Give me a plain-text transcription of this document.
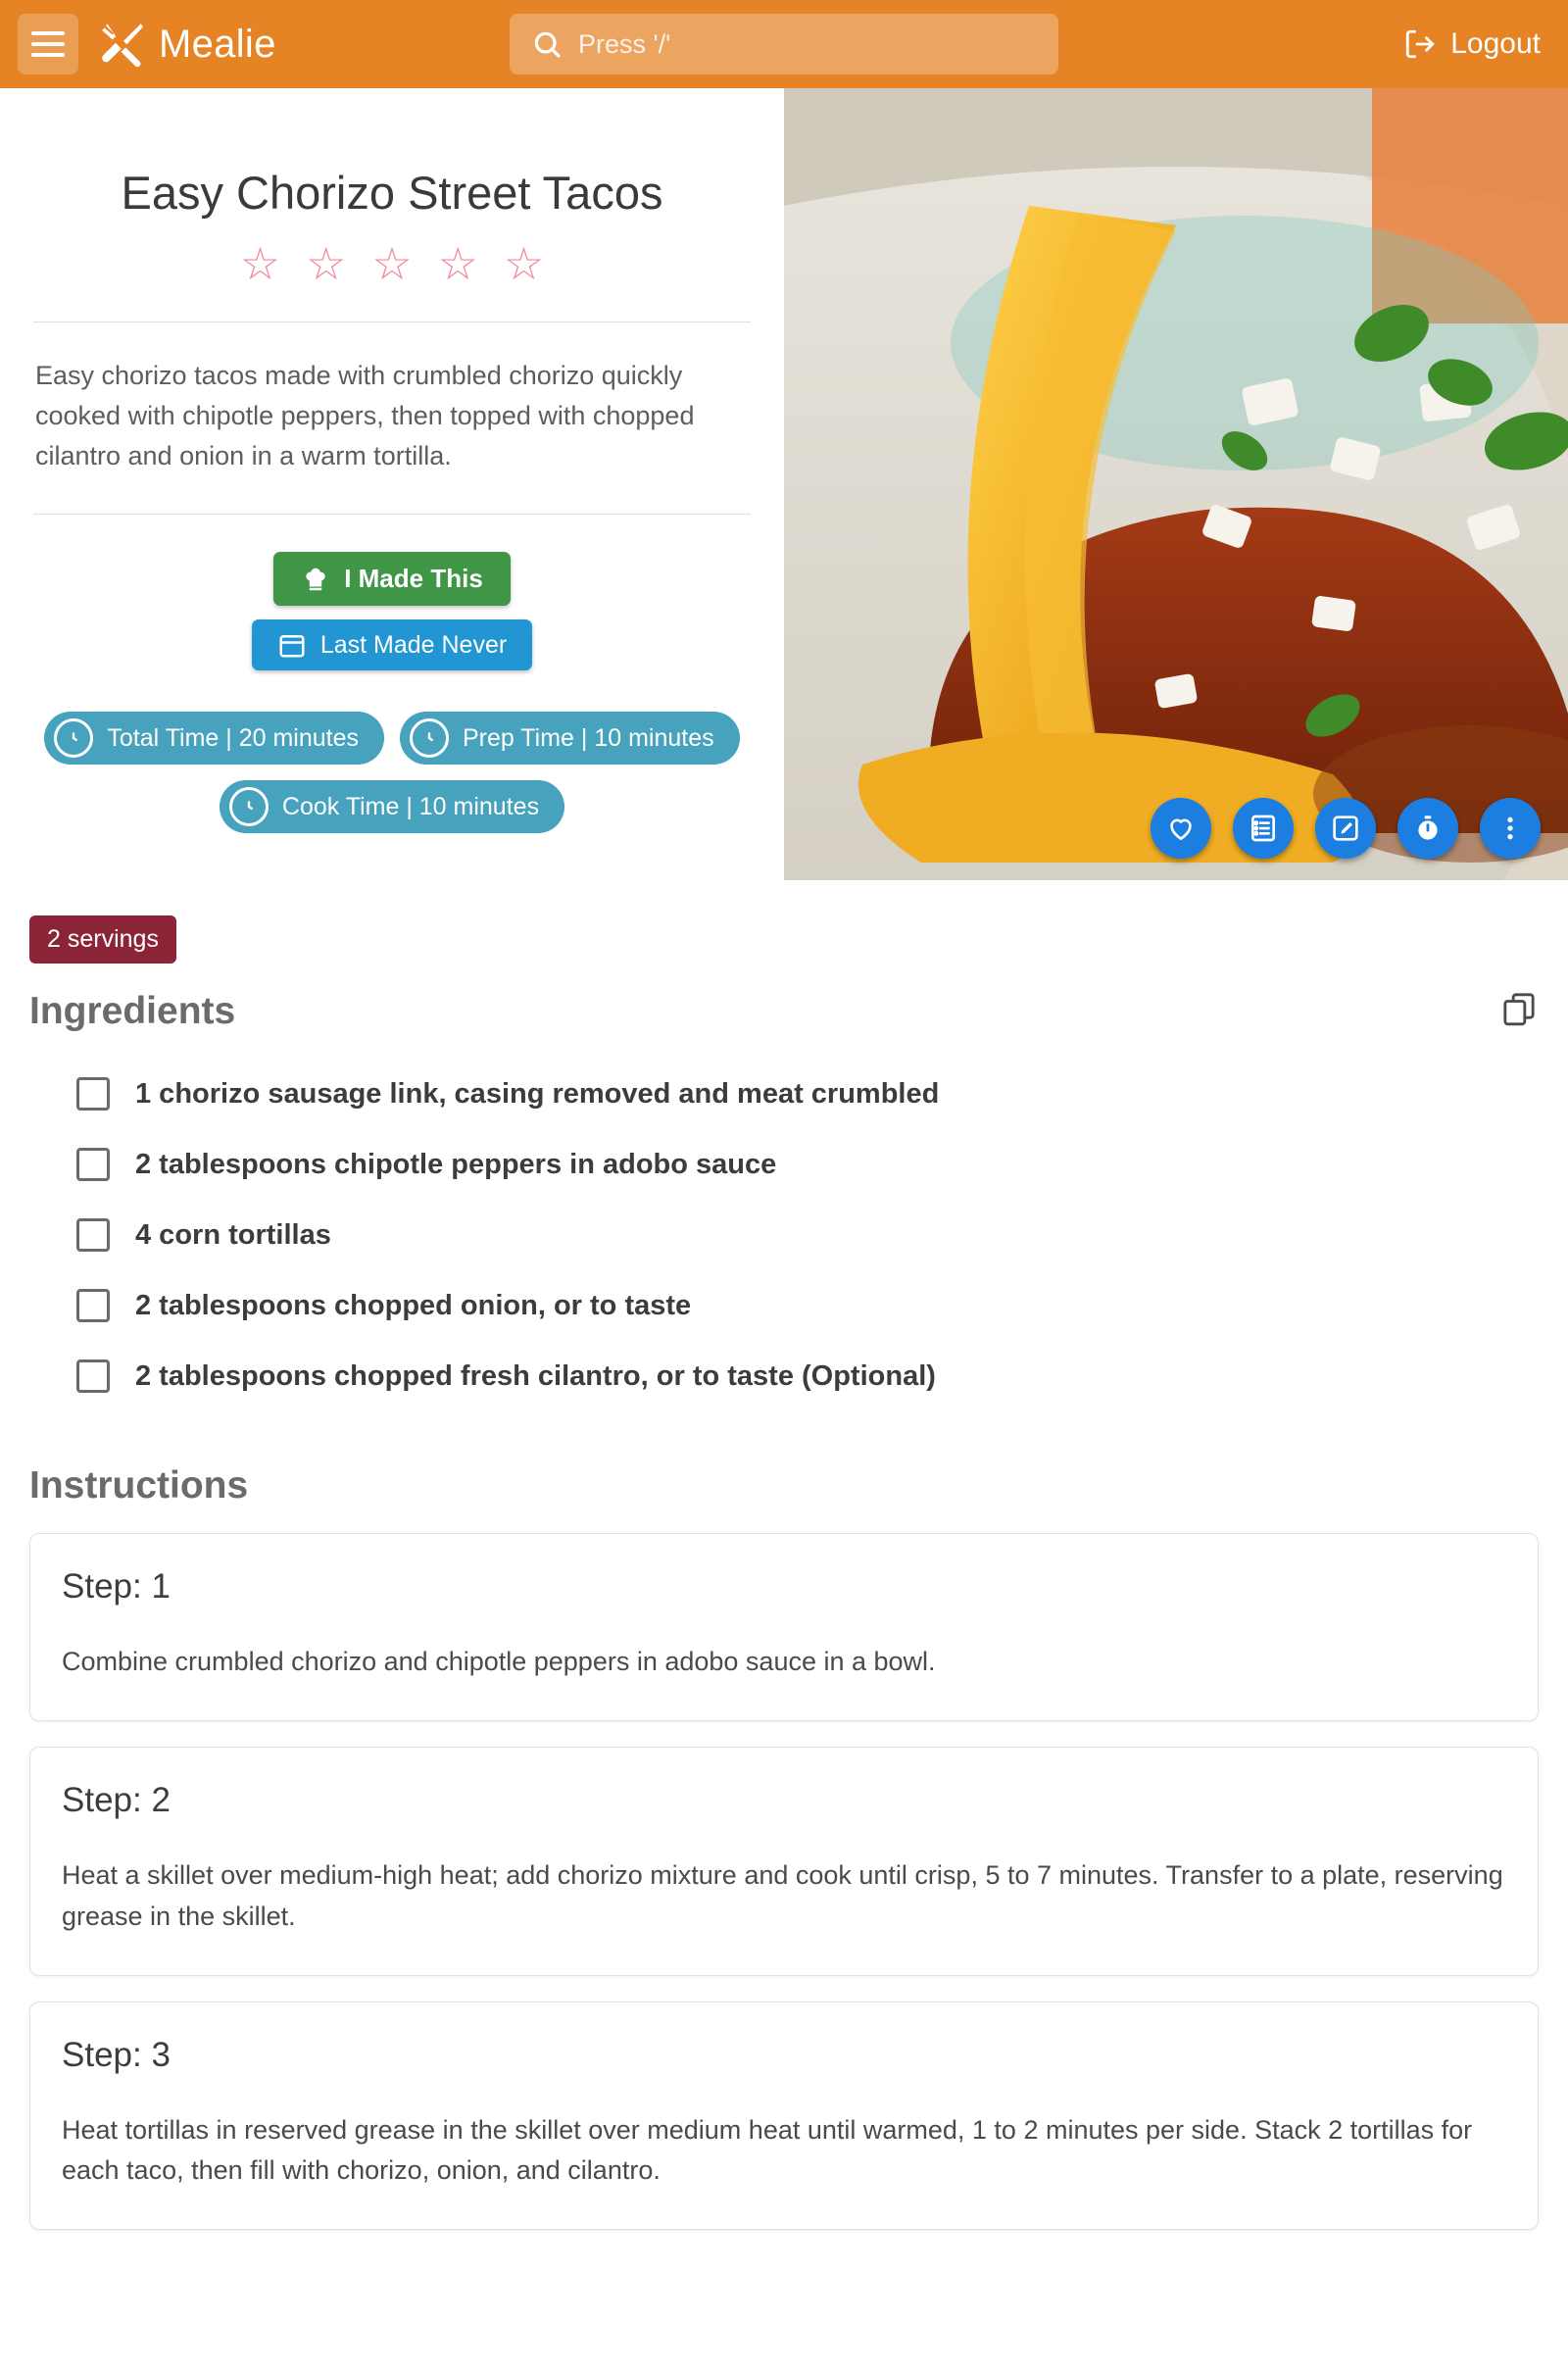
Mealie	Press '/'	Logout
Easy Chorizo Street Tacos
☆ ☆ ☆ ☆ ☆
Easy chorizo tacos made with crumbled chorizo quickly cooked with chipotle peppers, then topped with chopped cilantro and onion in a warm tortilla.
I Made This
Last Made Never
Total Time | 20 minutes	Prep Time | 10 minutes
Cook Time | 10 minutes
2 servings
Ingredients
1 chorizo sausage link, casing removed and meat crumbled
2 tablespoons chipotle peppers in adobo sauce
4 corn tortillas
2 tablespoons chopped onion, or to taste
2 tablespoons chopped fresh cilantro, or to taste (Optional)
Instructions
Step: 1
Combine crumbled chorizo and chipotle peppers in adobo sauce in a bowl.
Step: 2
Heat a skillet over medium-high heat; add chorizo mixture and cook until crisp, 5 to 7 minutes. Transfer to a plate, reserving grease in the skillet.
Step: 3
Heat tortillas in reserved grease in the skillet over medium heat until warmed, 1 to 2 minutes per side. Stack 2 tortillas for each taco, then fill with chorizo, onion, and cilantro.
